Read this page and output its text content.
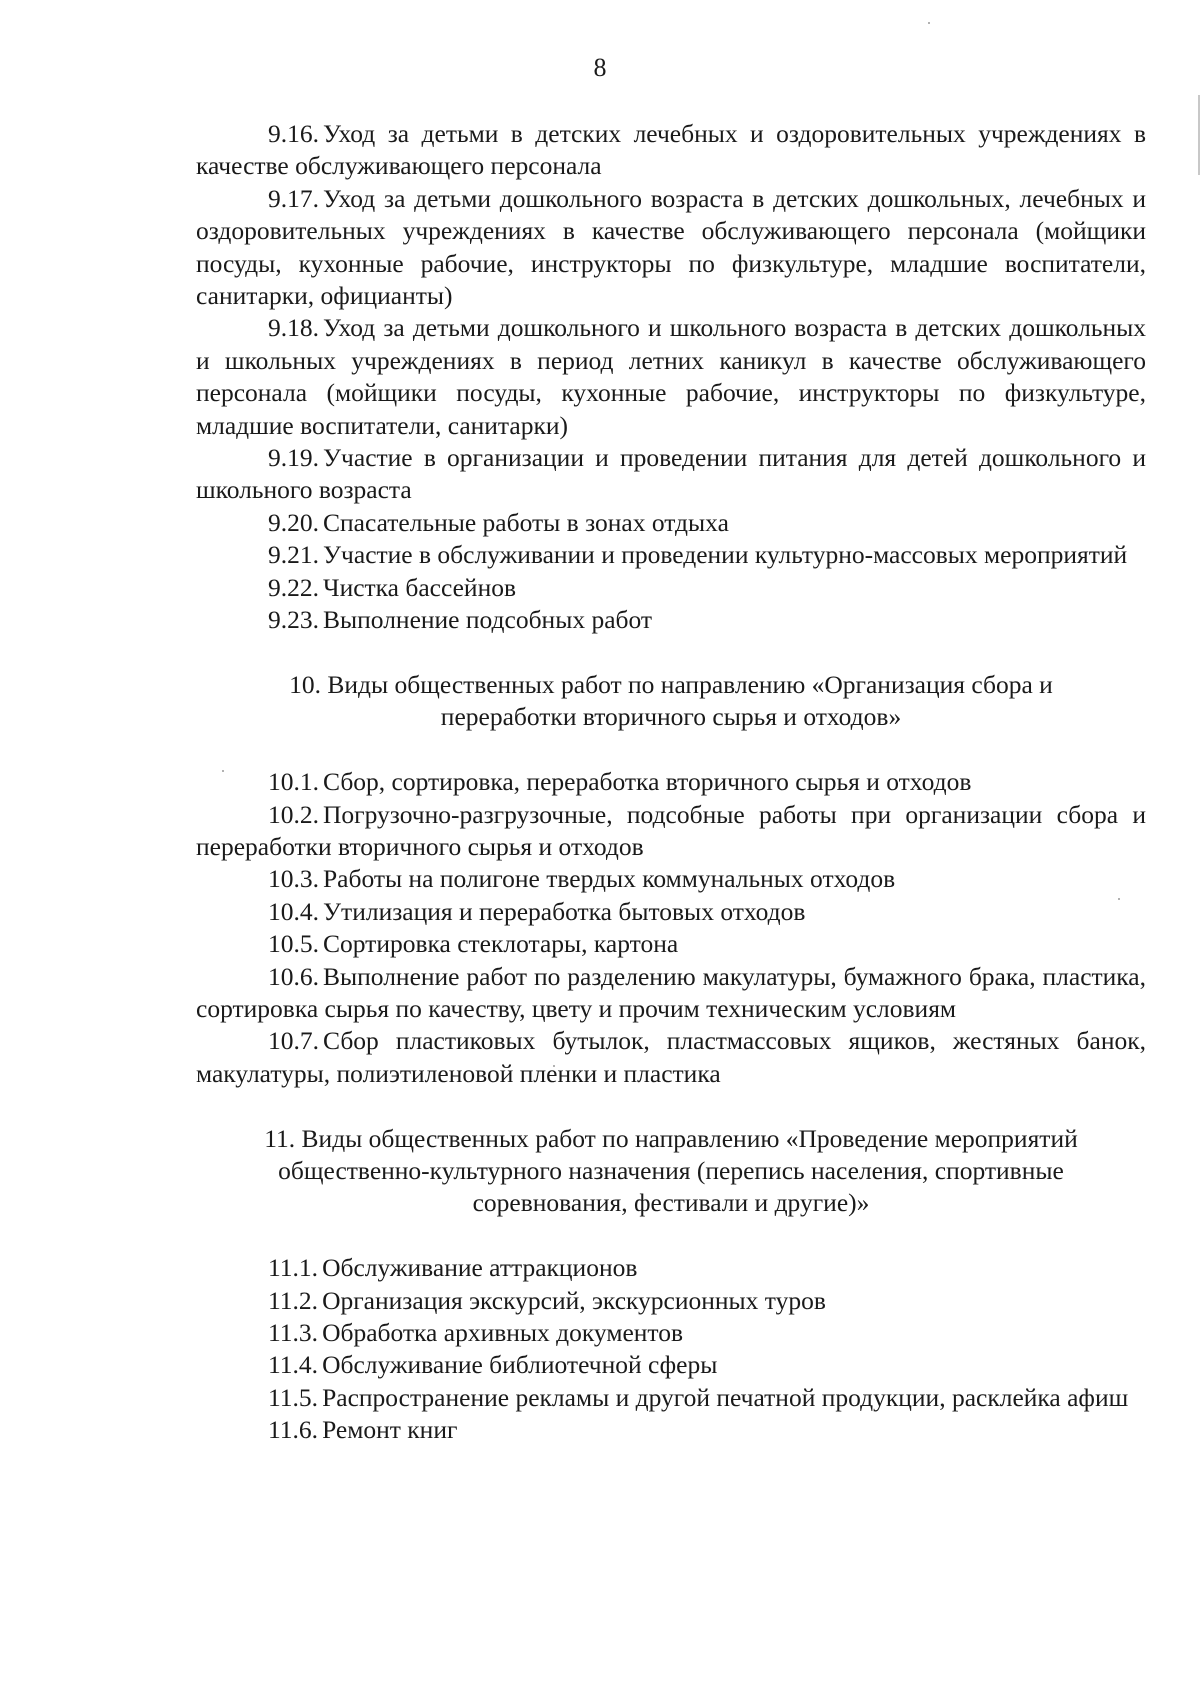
8

9.16. Уход за детьми в детских лечебных и оздоровительных учреждениях в качестве обслуживающего персонала

9.17. Уход за детьми дошкольного возраста в детских дошкольных, лечебных и оздоровительных учреждениях в качестве обслуживающего персонала (мойщики посуды, кухонные рабочие, инструкторы по физкультуре, младшие воспитатели, санитарки, официанты)

9.18. Уход за детьми дошкольного и школьного возраста в детских дошкольных и школьных учреждениях в период летних каникул в качестве обслуживающего персонала (мойщики посуды, кухонные рабочие, инструкторы по физкультуре, младшие воспитатели, санитарки)

9.19. Участие в организации и проведении питания для детей дошкольного и школьного возраста

9.20. Спасательные работы в зонах отдыха

9.21. Участие в обслуживании и проведении культурно-массовых мероприятий

9.22. Чистка бассейнов

9.23. Выполнение подсобных работ

10. Виды общественных работ по направлению «Организация сбора и
переработки вторичного сырья и отходов»

10.1. Сбор, сортировка, переработка вторичного сырья и отходов

10.2. Погрузочно-разгрузочные, подсобные работы при организации сбора и переработки вторичного сырья и отходов

10.3. Работы на полигоне твердых коммунальных отходов

10.4. Утилизация и переработка бытовых отходов

10.5. Сортировка стеклотары, картона

10.6. Выполнение работ по разделению макулатуры, бумажного брака, пластика, сортировка сырья по качеству, цвету и прочим техническим условиям

10.7. Сбор пластиковых бутылок, пластмассовых ящиков, жестяных банок, макулатуры, полиэтиленовой пленки и пластика

11. Виды общественных работ по направлению «Проведение мероприятий
общественно-культурного назначения (перепись населения, спортивные
соревнования, фестивали и другие)»

11.1. Обслуживание аттракционов

11.2. Организация экскурсий, экскурсионных туров

11.3. Обработка архивных документов

11.4. Обслуживание библиотечной сферы

11.5. Распространение рекламы и другой печатной продукции, расклейка афиш

11.6. Ремонт книг
